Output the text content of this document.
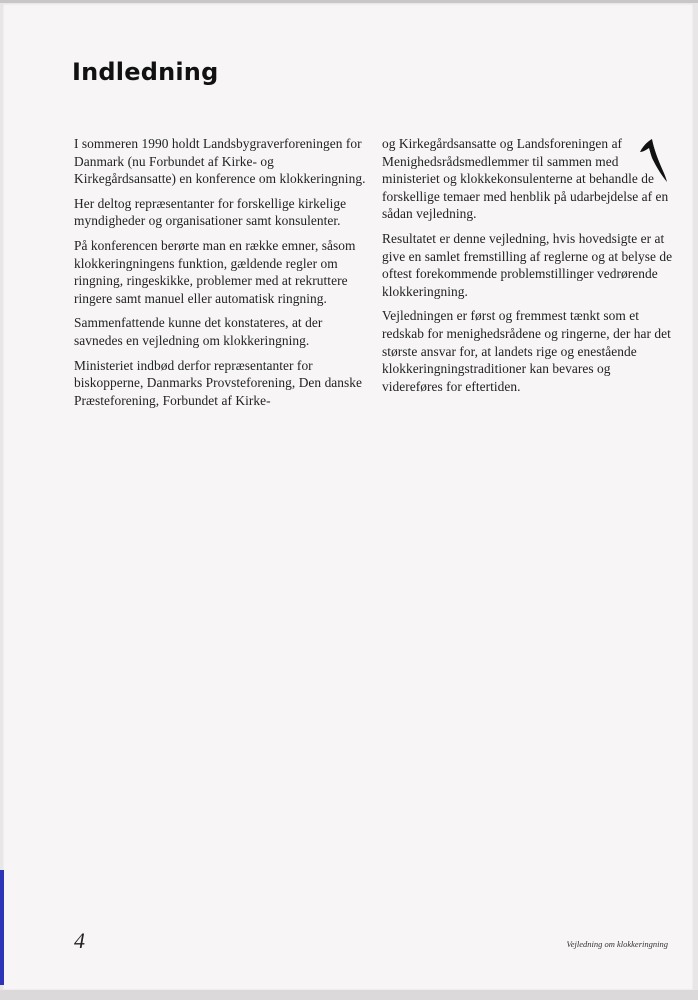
Indledning

I sommeren 1990 holdt Landsbygraverforeningen for Danmark (nu Forbundet af Kirke- og Kirkegårdsansatte) en konference om klokkeringning.

Her deltog repræsentanter for forskellige kirkelige myndigheder og organisationer samt konsulenter.

På konferencen berørte man en række emner, såsom klokkeringningens funktion, gældende regler om ringning, ringeskikke, problemer med at rekruttere ringere samt manuel eller automatisk ringning.

Sammenfattende kunne det konstateres, at der savnedes en vejledning om klokkeringning.

Ministeriet indbød derfor repræsentanter for biskopperne, Danmarks Provsteforening, Den danske Præsteforening, Forbundet af Kirke-

og Kirkegårdsansatte og Landsforeningen af Menighedsrådsmedlemmer til sammen med ministeriet og klokkekonsulenterne at behandle de forskellige temaer med henblik på udarbejdelse af en sådan vejledning.

Resultatet er denne vejledning, hvis hovedsigte er at give en samlet fremstilling af reglerne og at belyse de oftest forekommende problemstillinger vedrørende klokkeringning.

Vejledningen er først og fremmest tænkt som et redskab for menighedsrådene og ringerne, der har det største ansvar for, at landets rige og enestående klokkeringningstraditioner kan bevares og videreføres for eftertiden.

4	Vejledning om klokkeringning
